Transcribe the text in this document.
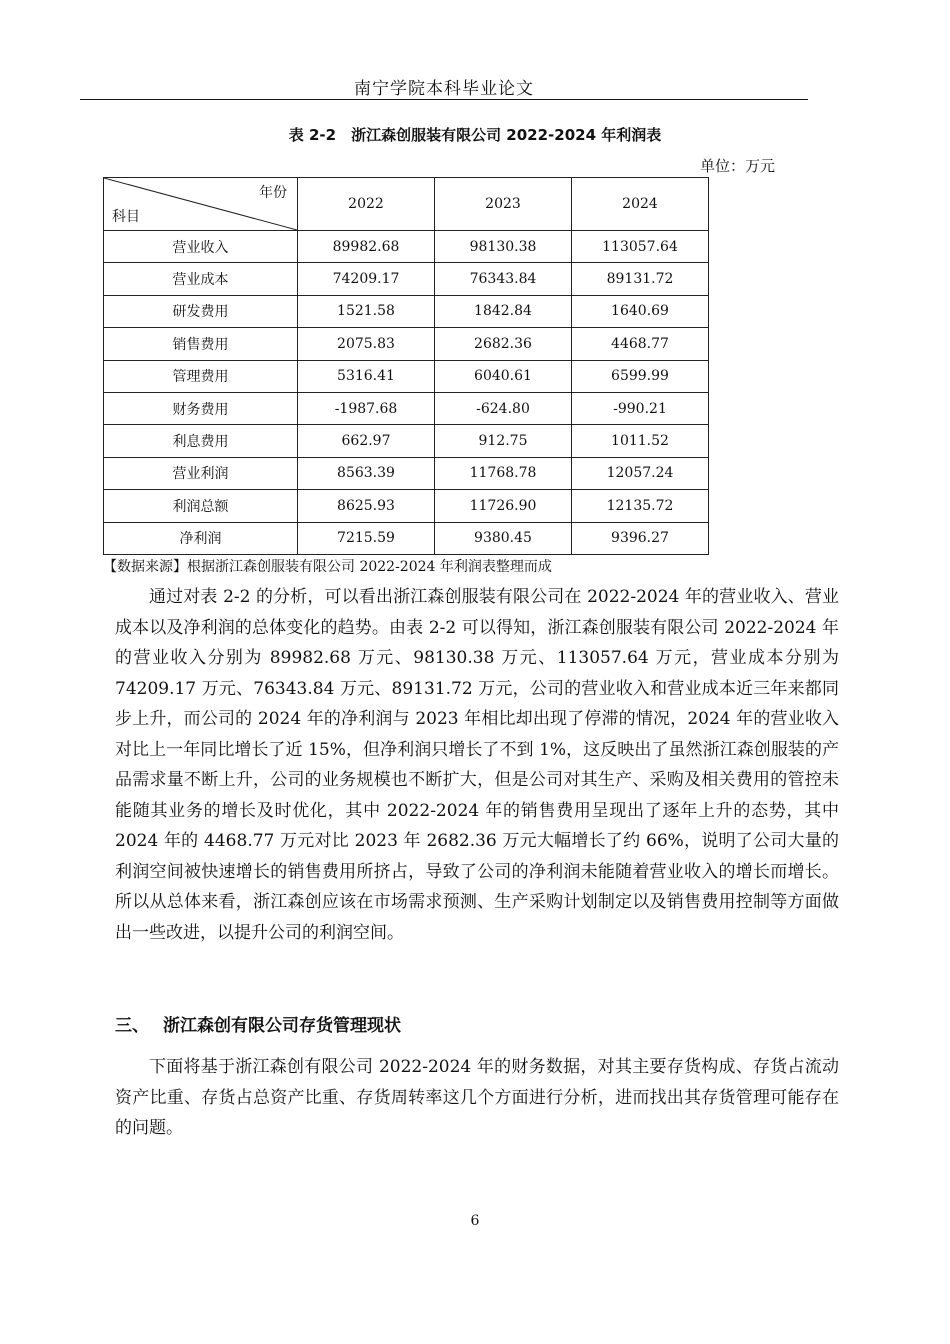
南宁学院本科毕业论文
表 2-2　浙江森创服装有限公司 2022-2024 年利润表
单位：万元
年份
科目	2022	2023	2024
营业收入	89982.68	98130.38	113057.64
营业成本	74209.17	76343.84	89131.72
研发费用	1521.58	1842.84	1640.69
销售费用	2075.83	2682.36	4468.77
管理费用	5316.41	6040.61	6599.99
财务费用	-1987.68	-624.80	-990.21
利息费用	662.97	912.75	1011.52
营业利润	8563.39	11768.78	12057.24
利润总额	8625.93	11726.90	12135.72
净利润	7215.59	9380.45	9396.27
【数据来源】根据浙江森创服装有限公司 2022-2024 年利润表整理而成
通过对表 2-2 的分析，可以看出浙江森创服装有限公司在 2022-2024 年的营业收入、营业成本以及净利润的总体变化的趋势。由表 2-2 可以得知，浙江森创服装有限公司 2022-2024 年的营业收入分别为 89982.68 万元、98130.38 万元、113057.64 万元，营业成本分别为 74209.17 万元、76343.84 万元、89131.72 万元，公司的营业收入和营业成本近三年来都同步上升，而公司的 2024 年的净利润与 2023 年相比却出现了停滞的情况，2024 年的营业收入对比上一年同比增长了近 15%，但净利润只增长了不到 1%，这反映出了虽然浙江森创服装的产品需求量不断上升，公司的业务规模也不断扩大，但是公司对其生产、采购及相关费用的管控未能随其业务的增长及时优化，其中 2022-2024 年的销售费用呈现出了逐年上升的态势，其中 2024 年的 4468.77 万元对比 2023 年 2682.36 万元大幅增长了约 66%，说明了公司大量的利润空间被快速增长的销售费用所挤占，导致了公司的净利润未能随着营业收入的增长而增长。所以从总体来看，浙江森创应该在市场需求预测、生产采购计划制定以及销售费用控制等方面做出一些改进，以提升公司的利润空间。
三、 浙江森创有限公司存货管理现状
下面将基于浙江森创有限公司 2022-2024 年的财务数据，对其主要存货构成、存货占流动资产比重、存货占总资产比重、存货周转率这几个方面进行分析，进而找出其存货管理可能存在的问题。
6
